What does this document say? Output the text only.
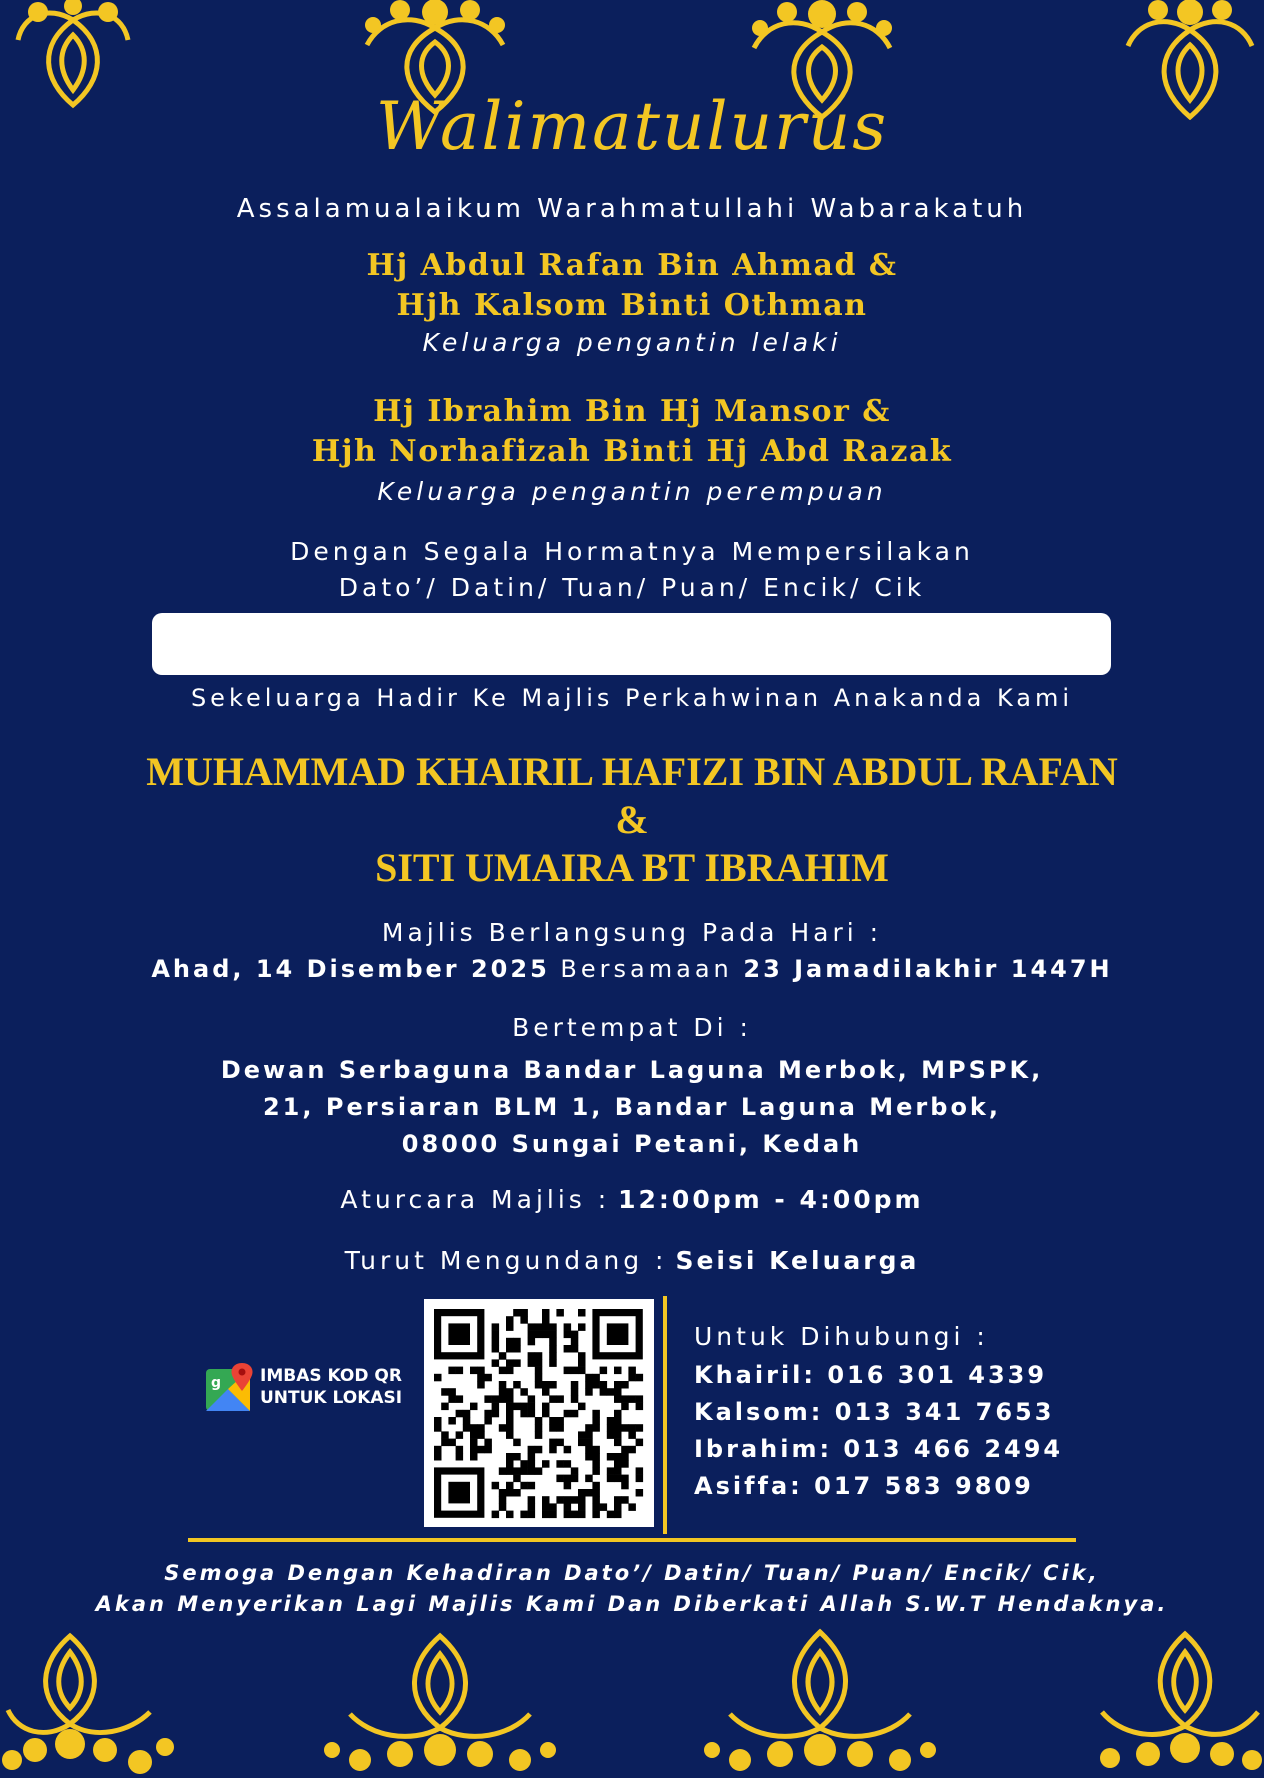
Walimatulurus
Assalamualaikum Warahmatullahi Wabarakatuh
Hj Abdul Rafan Bin Ahmad &
Hjh Kalsom Binti Othman
Keluarga pengantin lelaki
Hj Ibrahim Bin Hj Mansor &
Hjh Norhafizah Binti Hj Abd Razak
Keluarga pengantin perempuan
Dengan Segala Hormatnya Mempersilakan
Dato’/ Datin/ Tuan/ Puan/ Encik/ Cik
Sekeluarga Hadir Ke Majlis Perkahwinan Anakanda Kami
MUHAMMAD KHAIRIL HAFIZI BIN ABDUL RAFAN
&
SITI UMAIRA BT IBRAHIM
Majlis Berlangsung Pada Hari :
Ahad, 14 Disember 2025 Bersamaan 23 Jamadilakhir 1447H
Bertempat Di :
Dewan Serbaguna Bandar Laguna Merbok, MPSPK,
21, Persiaran BLM 1, Bandar Laguna Merbok,
08000 Sungai Petani, Kedah
Aturcara Majlis : 12:00pm - 4:00pm
Turut Mengundang : Seisi Keluarga
g IMBAS KOD QR
UNTUK LOKASI
Untuk Dihubungi :
Khairil: 016 301 4339
Kalsom: 013 341 7653
Ibrahim: 013 466 2494
Asiffa: 017 583 9809
Semoga Dengan Kehadiran Dato’/ Datin/ Tuan/ Puan/ Encik/ Cik,
Akan Menyerikan Lagi Majlis Kami Dan Diberkati Allah S.W.T Hendaknya.
